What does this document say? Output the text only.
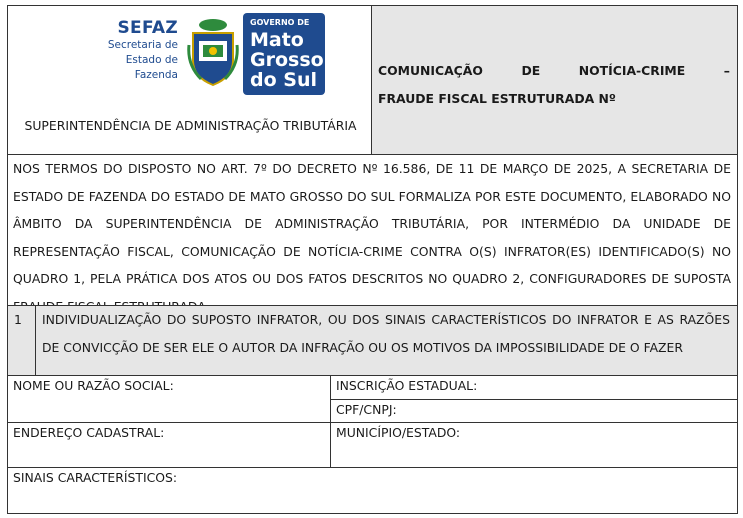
SEFAZ
Secretaria de
Estado de
Fazenda
GOVERNO DE
Mato
Grosso
do Sul
SUPERINTENDÊNCIA DE ADMINISTRAÇÃO TRIBUTÁRIA
COMUNICAÇÃO DE NOTÍCIA-CRIME –
FRAUDE FISCAL ESTRUTURADA Nº
NOS TERMOS DO DISPOSTO NO ART. 7º DO DECRETO Nº 16.586, DE 11 DE MARÇO DE 2025, A SECRETARIA DE ESTADO DE FAZENDA DO ESTADO DE MATO GROSSO DO SUL FORMALIZA POR ESTE DOCUMENTO, ELABORADO NO ÂMBITO DA SUPERINTENDÊNCIA DE ADMINISTRAÇÃO TRIBUTÁRIA, POR INTERMÉDIO DA UNIDADE DE REPRESENTAÇÃO FISCAL, COMUNICAÇÃO DE NOTÍCIA-CRIME CONTRA O(S) INFRATOR(ES) IDENTIFICADO(S) NO QUADRO 1, PELA PRÁTICA DOS ATOS OU DOS FATOS DESCRITOS NO QUADRO 2, CONFIGURADORES DE SUPOSTA
1	INDIVIDUALIZAÇÃO DO SUPOSTO INFRATOR, OU DOS SINAIS CARACTERÍSTICOS DO INFRATOR E AS RAZÕES DE CONVICÇÃO DE SER ELE O AUTOR DA INFRAÇÃO OU OS MOTIVOS DA IMPOSSIBILIDADE DE O FAZER
NOME OU RAZÃO SOCIAL:	INSCRIÇÃO ESTADUAL:
CPF/CNPJ:
ENDEREÇO CADASTRAL:	MUNICÍPIO/ESTADO:
SINAIS CARACTERÍSTICOS:
